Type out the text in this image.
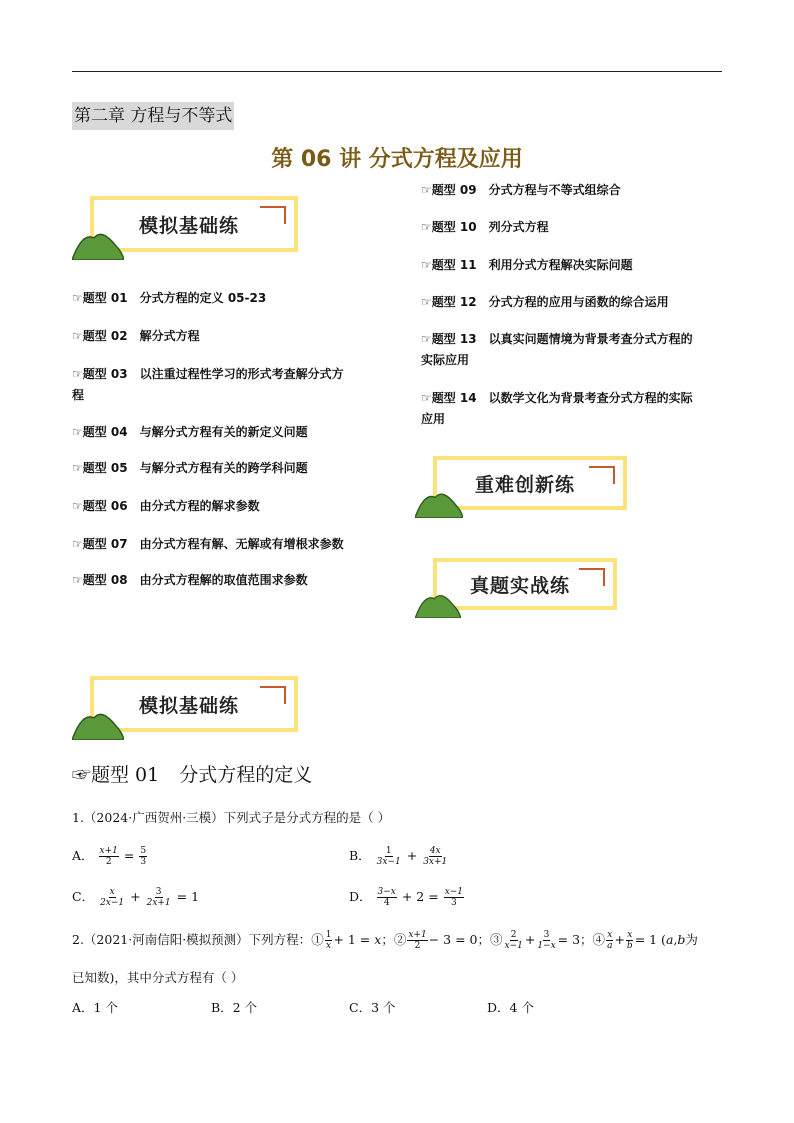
第二章 方程与不等式
第 06 讲 分式方程及应用
模拟基础练
☞题型 01 分式方程的定义 05-23
☞题型 02 解分式方程
☞题型 03 以注重过程性学习的形式考查解分式方
程
☞题型 04 与解分式方程有关的新定义问题
☞题型 05 与解分式方程有关的跨学科问题
☞题型 06 由分式方程的解求参数
☞题型 07 由分式方程有解、无解或有增根求参数
☞题型 08 由分式方程解的取值范围求参数
☞题型 09 分式方程与不等式组综合
☞题型 10 列分式方程
☞题型 11 利用分式方程解决实际问题
☞题型 12 分式方程的应用与函数的综合运用
☞题型 13 以真实问题情境为背景考查分式方程的
实际应用
☞题型 14 以数学文化为背景考查分式方程的实际
应用
重难创新练
真题实战练
模拟基础练
☞题型 01 分式方程的定义
1.（2024·广西贺州·三模）下列式子是分式方程的是（ ）
A． $\frac{x+1}{2} = \frac{5}{3}$	B． $\frac{1}{3x-1} + \frac{4x}{3x+1}$
C． $\frac{x}{2x-1} + \frac{3}{2x+1} = 1$	D． $\frac{3-x}{4} + 2 = \frac{x-1}{3}$
2.（2021·河南信阳·模拟预测）下列方程：① $\frac{1}{x} + 1 = x$；② $\frac{x+1}{2} - 3 = 0$；③ $\frac{2}{x-1} + \frac{3}{1-x} = 3$；④ $\frac{x}{a} + \frac{x}{b} = 1$ (a,b为
已知数)，其中分式方程有（ ）
A．1 个	B．2 个	C．3 个	D．4 个
